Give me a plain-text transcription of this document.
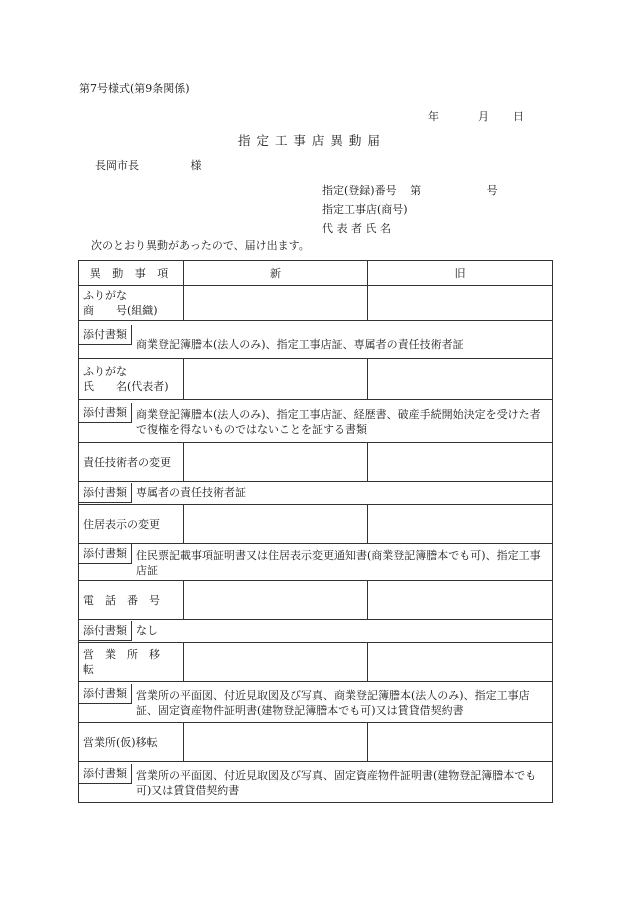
第7号様式(第9条関係)
年	月 日
指 定 工 事 店 異 動 届
長岡市長	様
指定(登録)番号 第	号
指定工事店(商号)
代 表 者 氏 名
次のとおり異動があったので、届け出ます。
異 動 事 項	新	旧

ふりがな
商　　号(組織)		

添付書類
商業登記簿謄本(法人のみ)、指定工事店証、専属者の責任技術者証		

ふりがな
氏　　名(代表者)		

添付書類 商業登記簿謄本(法人のみ)、指定工事店証、経歴書、破産手続開始決定を受けた者で復権を得ないものではないことを証する書類		

責任技術者の変更		

添付書類 専属者の責任技術者証		

住居表示の変更		

添付書類 住民票記載事項証明書又は住居表示変更通知書(商業登記簿謄本でも可)、指定工事店証		

電　話　番　号		

添付書類 なし		

営　業　所　移　転		

添付書類 営業所の平面図、付近見取図及び写真、商業登記簿謄本(法人のみ)、指定工事店証、固定資産物件証明書(建物登記簿謄本でも可)又は賃貸借契約書		

営業所(仮)移転		

添付書類 営業所の平面図、付近見取図及び写真、固定資産物件証明書(建物登記簿謄本でも可)又は賃貸借契約書		
